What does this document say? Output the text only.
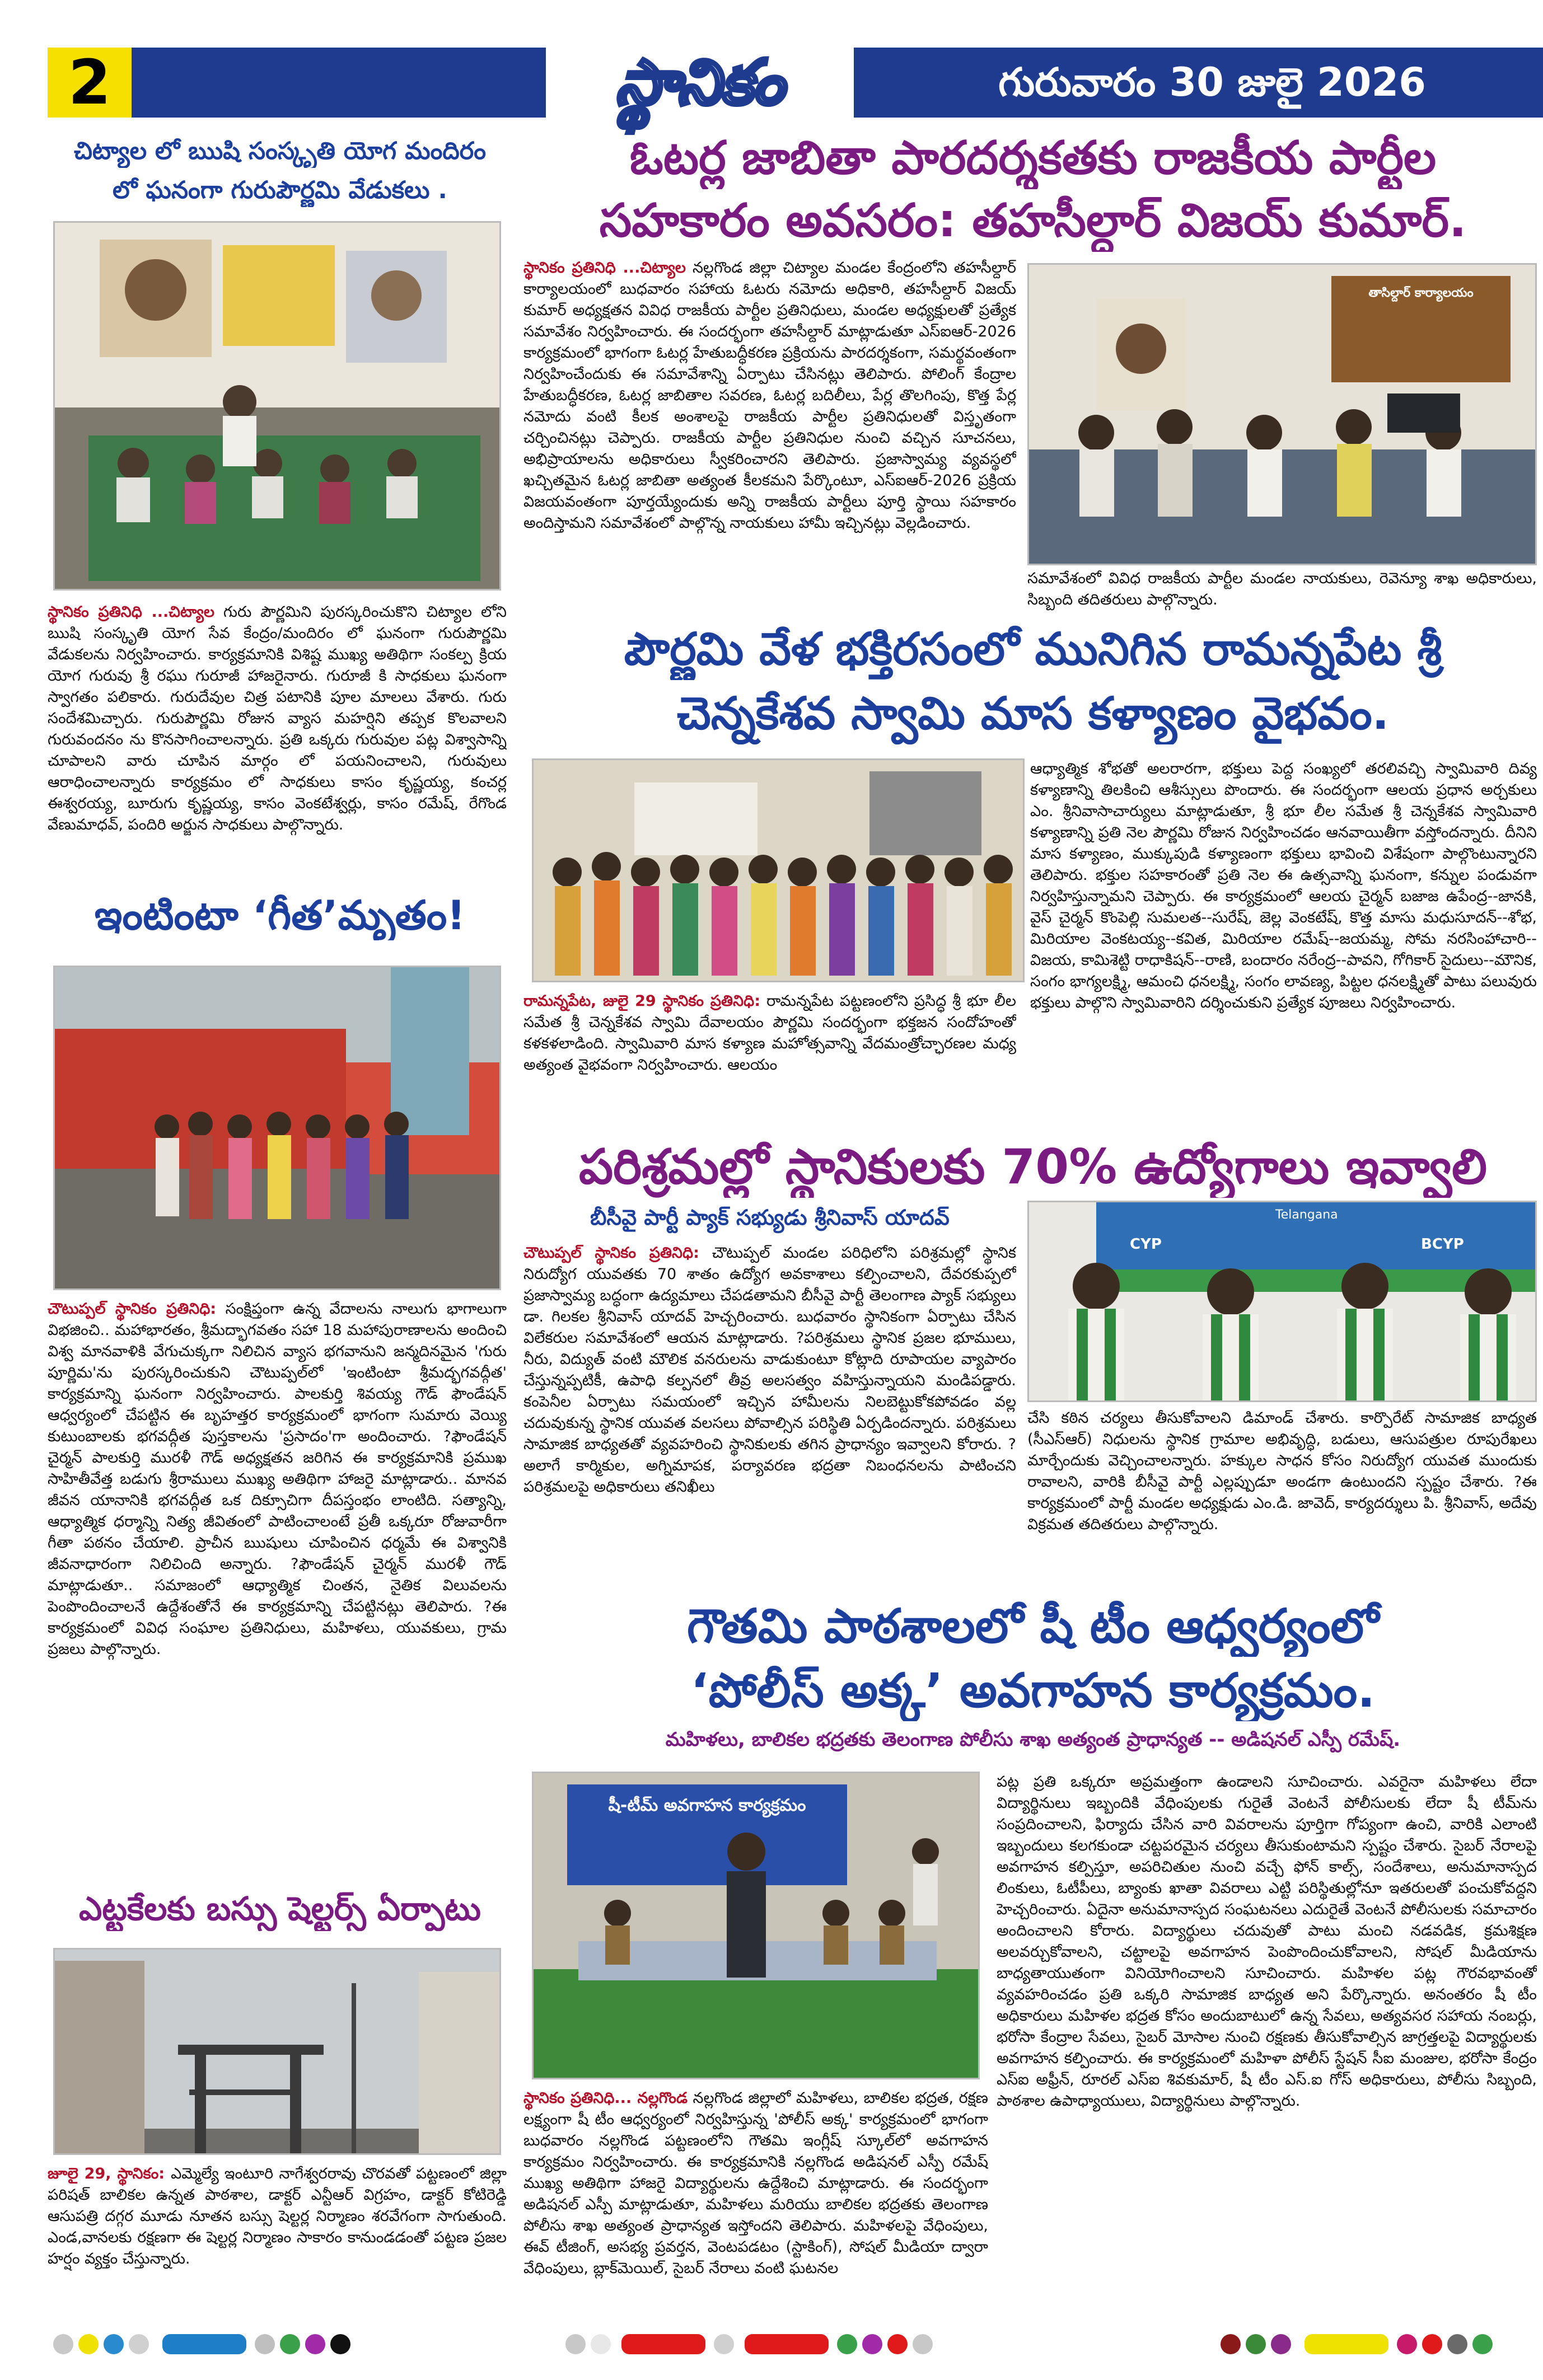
2	స్థానికం	గురువారం 30 జులై 2026
చిట్యాల లో ఋషి సంస్కృతి యోగ మందిరం
లో ఘనంగా గురుపౌర్ణమి వేడుకలు .
స్థానికం ప్రతినిధి ...చిట్యాల గురు పౌర్ణమిని పురస్కరించుకొని చిట్యాల లోని ఋషి సంస్కృతి యోగ సేవ కేంద్రం/మందిరం లో ఘనంగా గురుపౌర్ణమి వేడుకలను నిర్వహించారు. కార్యక్రమానికి విశిష్ట ముఖ్య అతిథిగా సంకల్ప క్రియ యోగ గురువు శ్రీ రఘు గురూజీ హాజరైనారు. గురూజీ కి సాధకులు ఘనంగా స్వాగతం పలికారు. గురుదేవుల చిత్ర పటానికి పూల మాలలు వేశారు. గురు సందేశమిచ్చారు. గురుపౌర్ణమి రోజున వ్యాస మహర్షిని తప్పక కొలవాలని గురువందనం ను కొనసాగించాలన్నారు. ప్రతి ఒక్కరు గురువుల పట్ల విశ్వాసాన్ని చూపాలని వారు చూపిన మార్గం లో పయనించాలని, గురువులు ఆరాధించాలన్నారు కార్యక్రమం లో సాధకులు కాసం కృష్ణయ్య, కంచర్ల ఈశ్వరయ్య, బూరుగు కృష్ణయ్య, కాసం వెంకటేశ్వర్లు, కాసం రమేష్, రేగొండ వేణుమాధవ్, పందిరి అర్జున సాధకులు పాల్గొన్నారు.
ఇంటింటా ‘గీత’మృతం!
చౌటుప్పల్ స్థానికం ప్రతినిధి: సంక్షిప్తంగా ఉన్న వేదాలను నాలుగు భాగాలుగా విభజించి.. మహాభారతం, శ్రీమద్భాగవతం సహా 18 మహాపురాణాలను అందించి విశ్వ మానవాళికి వేగుచుక్కగా నిలిచిన వ్యాస భగవానుని జన్మదినమైన 'గురు పూర్ణిమ'ను పురస్కరించుకుని చౌటుప్పల్‌లో 'ఇంటింటా శ్రీమద్భగవద్గీత' కార్యక్రమాన్ని ఘనంగా నిర్వహించారు. పాలకుర్తి శివయ్య గౌడ్ ఫౌండేషన్ ఆధ్వర్యంలో చేపట్టిన ఈ బృహత్తర కార్యక్రమంలో భాగంగా సుమారు వెయ్యి కుటుంబాలకు భగవద్గీత పుస్తకాలను 'ప్రసాదం'గా అందించారు. ?ఫౌండేషన్ చైర్మన్ పాలకుర్తి మురళీ గౌడ్ అధ్యక్షతన జరిగిన ఈ కార్యక్రమానికి ప్రముఖ సాహితీవేత్త బడుగు శ్రీరాములు ముఖ్య అతిథిగా హాజరై మాట్లాడారు.. మానవ జీవన యానానికి భగవద్గీత ఒక దిక్సూచిగా దీపస్తంభం లాంటిది. సత్యాన్ని, ఆధ్యాత్మిక ధర్మాన్ని నిత్య జీవితంలో పాటించాలంటే ప్రతీ ఒక్కరూ రోజువారీగా గీతా పఠనం చేయాలి. ప్రాచీన ఋషులు చూపించిన ధర్మమే ఈ విశ్వానికి జీవనాధారంగా నిలిచింది అన్నారు. ?ఫౌండేషన్ చైర్మన్ మురళీ గౌడ్ మాట్లాడుతూ.. సమాజంలో ఆధ్యాత్మిక చింతన, నైతిక విలువలను పెంపొందించాలనే ఉద్దేశంతోనే ఈ కార్యక్రమాన్ని చేపట్టినట్లు తెలిపారు. ?ఈ కార్యక్రమంలో వివిధ సంఘాల ప్రతినిధులు, మహిళలు, యువకులు, గ్రామ ప్రజలు పాల్గొన్నారు.
ఎట్టకేలకు బస్సు షెల్టర్స్ ఏర్పాటు
ఓటర్ల జాబితా పారదర్శకతకు రాజకీయ పార్టీల
సహకారం అవసరం: తహసీల్దార్ విజయ్ కుమార్.
స్థానికం ప్రతినిధి ...చిట్యాల నల్లగొండ జిల్లా చిట్యాల మండల కేంద్రంలోని తహసీల్దార్ కార్యాలయంలో బుధవారం సహాయ ఓటరు నమోదు అధికారి, తహసీల్దార్ విజయ్ కుమార్ అధ్యక్షతన వివిధ రాజకీయ పార్టీల ప్రతినిధులు, మండల అధ్యక్షులతో ప్రత్యేక సమావేశం నిర్వహించారు. ఈ సందర్భంగా తహసీల్దార్ మాట్లాడుతూ ఎస్ఐఆర్-2026 కార్యక్రమంలో భాగంగా ఓటర్ల హేతుబద్ధీకరణ ప్రక్రియను పారదర్శకంగా, సమర్థవంతంగా నిర్వహించేందుకు ఈ సమావేశాన్ని ఏర్పాటు చేసినట్లు తెలిపారు. పోలింగ్ కేంద్రాల హేతుబద్ధీకరణ, ఓటర్ల జాబితాల సవరణ, ఓటర్ల బదిలీలు, పేర్ల తొలగింపు, కొత్త పేర్ల నమోదు వంటి కీలక అంశాలపై రాజకీయ పార్టీల ప్రతినిధులతో విస్తృతంగా చర్చించినట్లు చెప్పారు. రాజకీయ పార్టీల ప్రతినిధుల నుంచి వచ్చిన సూచనలు, అభిప్రాయాలను అధికారులు స్వీకరించారని తెలిపారు. ప్రజాస్వామ్య వ్యవస్థలో ఖచ్చితమైన ఓటర్ల జాబితా అత్యంత కీలకమని పేర్కొంటూ, ఎస్ఐఆర్-2026 ప్రక్రియ విజయవంతంగా పూర్తయ్యేందుకు అన్ని రాజకీయ పార్టీలు పూర్తి స్థాయి సహకారం అందిస్తామని సమావేశంలో పాల్గొన్న నాయకులు హామీ ఇచ్చినట్లు వెల్లడించారు.
తాసిల్దార్ కార్యాలయం
సమావేశంలో వివిధ రాజకీయ పార్టీల మండల నాయకులు, రెవెన్యూ శాఖ అధికారులు, సిబ్బంది తదితరులు పాల్గొన్నారు.
పౌర్ణమి వేళ భక్తిరసంలో మునిగిన రామన్నపేట శ్రీ
చెన్నకేశవ స్వామి మాస కళ్యాణం వైభవం.
రామన్నపేట, జులై 29 స్థానికం ప్రతినిధి: రామన్నపేట పట్టణంలోని ప్రసిద్ధ శ్రీ భూ లీల సమేత శ్రీ చెన్నకేశవ స్వామి దేవాలయం పౌర్ణమి సందర్భంగా భక్తజన సందోహంతో కళకళలాడింది. స్వామివారి మాస కళ్యాణ మహోత్సవాన్ని వేదమంత్రోచ్ఛారణల మధ్య అత్యంత వైభవంగా నిర్వహించారు. ఆలయం
ఆధ్యాత్మిక శోభతో అలరారగా, భక్తులు పెద్ద సంఖ్యలో తరలివచ్చి స్వామివారి దివ్య కళ్యాణాన్ని తిలకించి ఆశీస్సులు పొందారు. ఈ సందర్భంగా ఆలయ ప్రధాన అర్చకులు ఎం. శ్రీనివాసాచార్యులు మాట్లాడుతూ, శ్రీ భూ లీల సమేత శ్రీ చెన్నకేశవ స్వామివారి కళ్యాణాన్ని ప్రతి నెల పౌర్ణమి రోజున నిర్వహించడం ఆనవాయితీగా వస్తోందన్నారు. దీనిని మాస కళ్యాణం, ముక్కుపుడి కళ్యాణంగా భక్తులు భావించి విశేషంగా పాల్గొంటున్నారని తెలిపారు. భక్తుల సహకారంతో ప్రతి నెల ఈ ఉత్సవాన్ని ఘనంగా, కన్నుల పండువగా నిర్వహిస్తున్నామని చెప్పారు. ఈ కార్యక్రమంలో ఆలయ చైర్మన్ బజాజ ఉపేంద్ర--జానకి, వైస్ చైర్మన్ కొంపెల్లి సుమలత--సురేష్, జెల్ల వెంకటేష్, కొత్త మాసు మధుసూదన్--శోభ, మిరియాల వెంకటయ్య--కవిత, మిరియాల రమేష్--జయమ్మ, సోమ నరసింహాచారి--విజయ, కామిశెట్టి రాధాకిషన్--రాణి, బందారం నరేంద్ర--పావని, గోగికార్ సైదులు--మౌనిక, సంగం భాగ్యలక్ష్మి, ఆమంచి ధనలక్ష్మి, సంగం లావణ్య, పిట్టల ధనలక్ష్మితో పాటు పలువురు భక్తులు పాల్గొని స్వామివారిని దర్శించుకుని ప్రత్యేక పూజలు నిర్వహించారు.
పరిశ్రమల్లో స్థానికులకు 70% ఉద్యోగాలు ఇవ్వాలి
బీసీవై పార్టీ ప్యాక్ సభ్యుడు శ్రీనివాస్ యాదవ్
చౌటుప్పల్ స్థానికం ప్రతినిధి: చౌటుప్పల్ మండల పరిధిలోని పరిశ్రమల్లో స్థానిక నిరుద్యోగ యువతకు 70 శాతం ఉద్యోగ అవకాశాలు కల్పించాలని, దేవరకుప్పలో ప్రజాస్వామ్య బద్ధంగా ఉద్యమాలు చేపడతామని బీసీవై పార్టీ తెలంగాణ ప్యాక్ సభ్యులు డా. గిలకల శ్రీనివాస్ యాదవ్ హెచ్చరించారు. బుధవారం స్థానికంగా ఏర్పాటు చేసిన విలేకరుల సమావేశంలో ఆయన మాట్లాడారు. ?పరిశ్రమలు స్థానిక ప్రజల భూములు, నీరు, విద్యుత్ వంటి మౌలిక వనరులను వాడుకుంటూ కోట్లాది రూపాయల వ్యాపారం చేస్తున్నప్పటికీ, ఉపాధి కల్పనలో తీవ్ర అలసత్వం వహిస్తున్నాయని మండిపడ్డారు. కంపెనీల ఏర్పాటు సమయంలో ఇచ్చిన హామీలను నిలబెట్టుకోకపోవడం వల్ల చదువుకున్న స్థానిక యువత వలసలు పోవాల్సిన పరిస్థితి ఏర్పడిందన్నారు. పరిశ్రమలు సామాజిక బాధ్యతతో వ్యవహరించి స్థానికులకు తగిన ప్రాధాన్యం ఇవ్వాలని కోరారు. ?అలాగే కార్మికుల, అగ్నిమాపక, పర్యావరణ భద్రతా నిబంధనలను పాటించని పరిశ్రమలపై అధికారులు తనిఖీలు
Telangana
BCYP
CYP
చేసి కఠిన చర్యలు తీసుకోవాలని డిమాండ్ చేశారు. కార్పొరేట్ సామాజిక బాధ్యత (సీఎస్ఆర్) నిధులను స్థానిక గ్రామాల అభివృద్ధి, బడులు, ఆసుపత్రుల రూపురేఖలు మార్చేందుకు వెచ్చించాలన్నారు. హక్కుల సాధన కోసం నిరుద్యోగ యువత ముందుకు రావాలని, వారికి బీసీవై పార్టీ ఎల్లప్పుడూ అండగా ఉంటుందని స్పష్టం చేశారు. ?ఈ కార్యక్రమంలో పార్టీ మండల అధ్యక్షుడు ఎం.డి. జావెద్, కార్యదర్శులు పి. శ్రీనివాస్, అదేవు విక్రమత తదితరులు పాల్గొన్నారు.
గౌతమి పాఠశాలలో షీ టీం ఆధ్వర్యంలో
‘పోలీస్ అక్క’ అవగాహన కార్యక్రమం.
మహిళలు, బాలికల భద్రతకు తెలంగాణ పోలీసు శాఖ అత్యంత ప్రాధాన్యత -- అడిషనల్ ఎస్పీ రమేష్.
షీ-టీమ్ అవగాహన కార్యక్రమం
స్థానికం ప్రతినిధి... నల్లగొండ నల్లగొండ జిల్లాలో మహిళలు, బాలికల భద్రత, రక్షణ లక్ష్యంగా షీ టీం ఆధ్వర్యంలో నిర్వహిస్తున్న 'పోలీస్ అక్క' కార్యక్రమంలో భాగంగా బుధవారం నల్లగొండ పట్టణంలోని గౌతమి ఇంగ్లీష్ స్కూల్‌లో అవగాహన కార్యక్రమం నిర్వహించారు. ఈ కార్యక్రమానికి నల్లగొండ అడిషనల్ ఎస్పీ రమేష్ ముఖ్య అతిథిగా హాజరై విద్యార్థులను ఉద్దేశించి మాట్లాడారు. ఈ సందర్భంగా అడిషనల్ ఎస్పీ మాట్లాడుతూ, మహిళలు మరియు బాలికల భద్రతకు తెలంగాణ పోలీసు శాఖ అత్యంత ప్రాధాన్యత ఇస్తోందని తెలిపారు. మహిళలపై వేధింపులు, ఈవ్ టీజింగ్, అసభ్య ప్రవర్తన, వెంటపడటం (స్టాకింగ్), సోషల్ మీడియా ద్వారా వేధింపులు, బ్లాక్‌మెయిల్, సైబర్ నేరాలు వంటి ఘటనల
పట్ల ప్రతి ఒక్కరూ అప్రమత్తంగా ఉండాలని సూచించారు. ఎవరైనా మహిళలు లేదా విద్యార్థినులు ఇబ్బందికి వేధింపులకు గురైతే వెంటనే పోలీసులకు లేదా షీ టీమ్‌ను సంప్రదించాలని, ఫిర్యాదు చేసిన వారి వివరాలను పూర్తిగా గోప్యంగా ఉంచి, వారికి ఎలాంటి ఇబ్బందులు కలగకుండా చట్టపరమైన చర్యలు తీసుకుంటామని స్పష్టం చేశారు. సైబర్ నేరాలపై అవగాహన కల్పిస్తూ, అపరిచితుల నుంచి వచ్చే ఫోన్ కాల్స్, సందేశాలు, అనుమానాస్పద లింకులు, ఓటీపీలు, బ్యాంకు ఖాతా వివరాలు ఎట్టి పరిస్థితుల్లోనూ ఇతరులతో పంచుకోవద్దని హెచ్చరించారు. ఏదైనా అనుమానాస్పద సంఘటనలు ఎదురైతే వెంటనే పోలీసులకు సమాచారం అందించాలని కోరారు. విద్యార్థులు చదువుతో పాటు మంచి నడవడిక, క్రమశిక్షణ అలవర్చుకోవాలని, చట్టాలపై అవగాహన పెంపొందించుకోవాలని, సోషల్ మీడియాను బాధ్యతాయుతంగా వినియోగించాలని సూచించారు. మహిళల పట్ల గౌరవభావంతో వ్యవహరించడం ప్రతి ఒక్కరి సామాజిక బాధ్యత అని పేర్కొన్నారు. అనంతరం షీ టీం అధికారులు మహిళల భద్రత కోసం అందుబాటులో ఉన్న సేవలు, అత్యవసర సహాయ నంబర్లు, భరోసా కేంద్రాల సేవలు, సైబర్ మోసాల నుంచి రక్షణకు తీసుకోవాల్సిన జాగ్రత్తలపై విద్యార్థులకు అవగాహన కల్పించారు. ఈ కార్యక్రమంలో మహిళా పోలీస్ స్టేషన్ సీఐ మంజుల, భరోసా కేంద్రం ఎస్ఐ అఫ్రీన్, రూరల్ ఎస్ఐ శివకుమార్, షీ టీం ఎస్.ఐ గోస్ అధికారులు, పోలీసు సిబ్బంది, పాఠశాల ఉపాధ్యాయులు, విద్యార్థినులు పాల్గొన్నారు.
జూలై 29, స్థానికం: ఎమ్మెల్యే ఇంటూరి నాగేశ్వరరావు చొరవతో పట్టణంలో జిల్లా పరిషత్ బాలికల ఉన్నత పాఠశాల, డాక్టర్ ఎన్టీఆర్ విగ్రహం, డాక్టర్ కోటిరెడ్డి ఆసుపత్రి దగ్గర మూడు నూతన బస్సు షెల్టర్ల నిర్మాణం శరవేగంగా సాగుతుంది. ఎండ,వానలకు రక్షణగా ఈ షెల్టర్ల నిర్మాణం సాకారం కానుండడంతో పట్టణ ప్రజల హర్షం వ్యక్తం చేస్తున్నారు.
